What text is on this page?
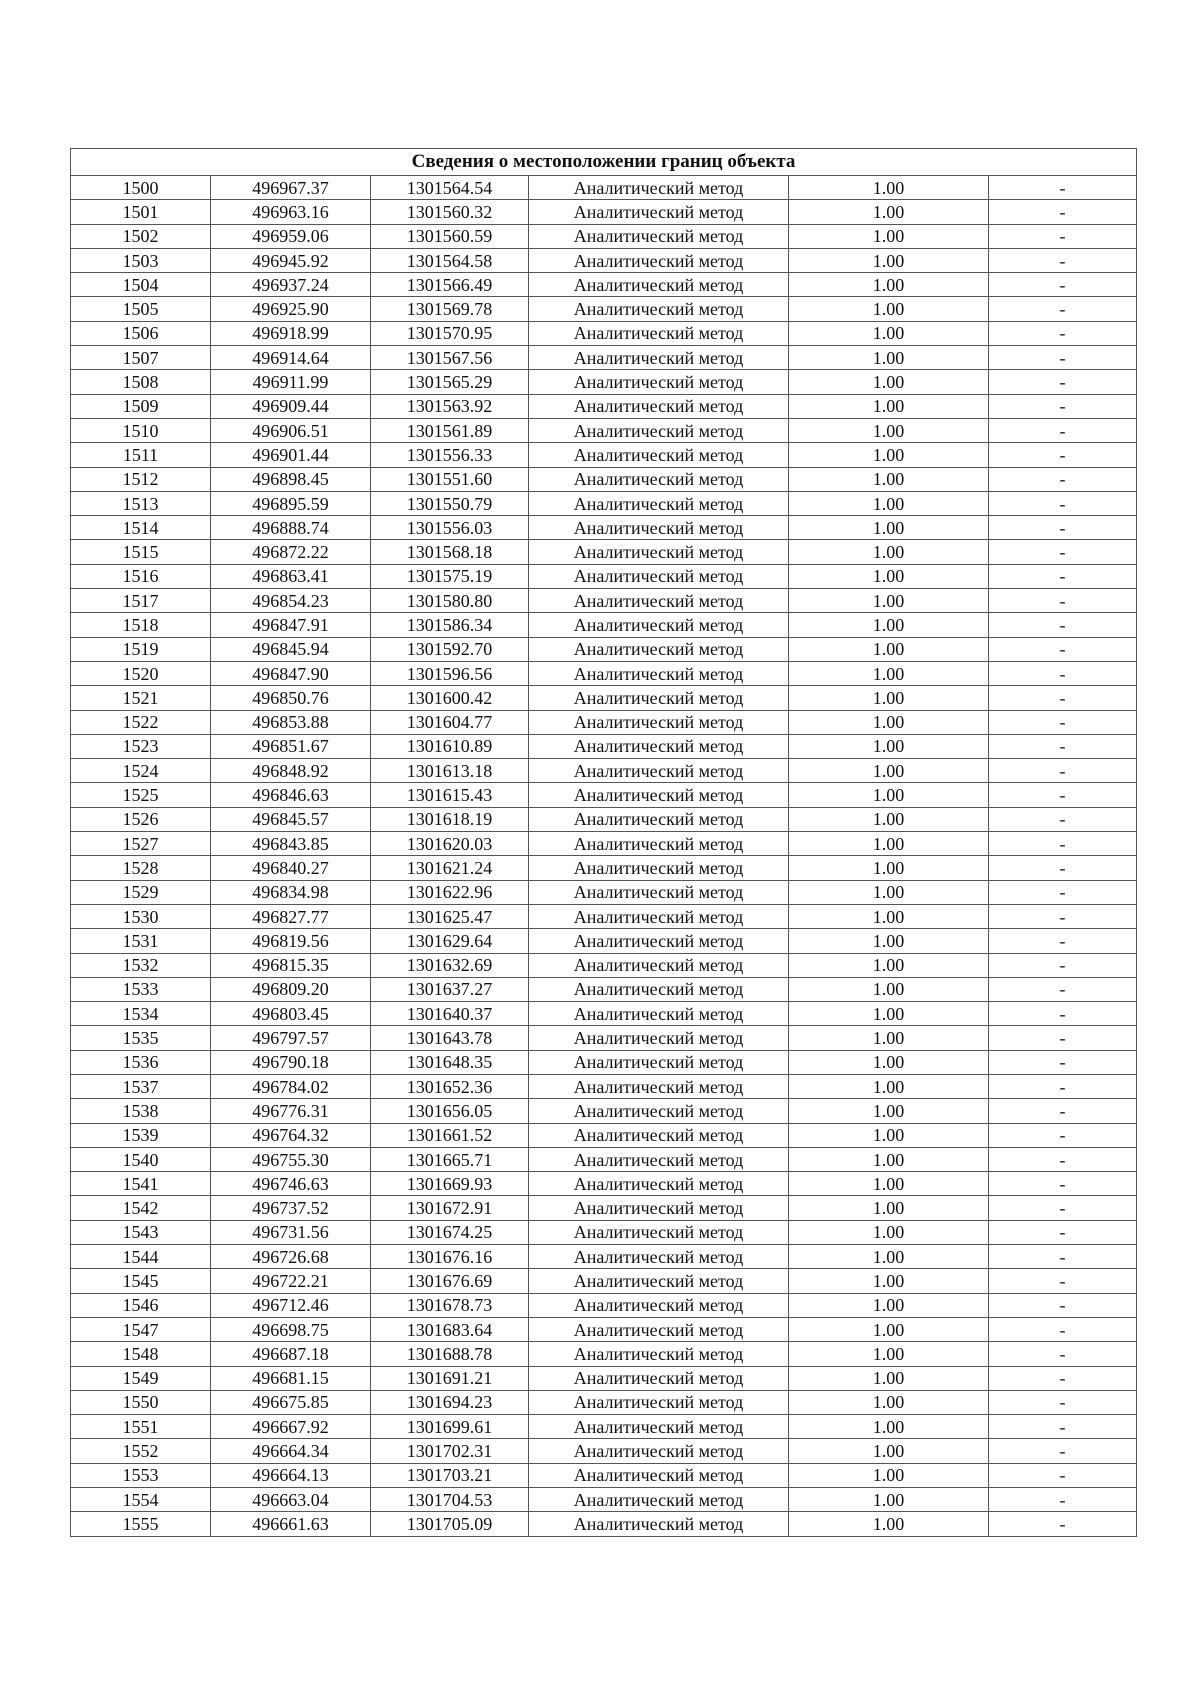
Сведения о местоположении границ объекта					
1500	496967.37	1301564.54	Аналитический метод	1.00	-
1501	496963.16	1301560.32	Аналитический метод	1.00	-
1502	496959.06	1301560.59	Аналитический метод	1.00	-
1503	496945.92	1301564.58	Аналитический метод	1.00	-
1504	496937.24	1301566.49	Аналитический метод	1.00	-
1505	496925.90	1301569.78	Аналитический метод	1.00	-
1506	496918.99	1301570.95	Аналитический метод	1.00	-
1507	496914.64	1301567.56	Аналитический метод	1.00	-
1508	496911.99	1301565.29	Аналитический метод	1.00	-
1509	496909.44	1301563.92	Аналитический метод	1.00	-
1510	496906.51	1301561.89	Аналитический метод	1.00	-
1511	496901.44	1301556.33	Аналитический метод	1.00	-
1512	496898.45	1301551.60	Аналитический метод	1.00	-
1513	496895.59	1301550.79	Аналитический метод	1.00	-
1514	496888.74	1301556.03	Аналитический метод	1.00	-
1515	496872.22	1301568.18	Аналитический метод	1.00	-
1516	496863.41	1301575.19	Аналитический метод	1.00	-
1517	496854.23	1301580.80	Аналитический метод	1.00	-
1518	496847.91	1301586.34	Аналитический метод	1.00	-
1519	496845.94	1301592.70	Аналитический метод	1.00	-
1520	496847.90	1301596.56	Аналитический метод	1.00	-
1521	496850.76	1301600.42	Аналитический метод	1.00	-
1522	496853.88	1301604.77	Аналитический метод	1.00	-
1523	496851.67	1301610.89	Аналитический метод	1.00	-
1524	496848.92	1301613.18	Аналитический метод	1.00	-
1525	496846.63	1301615.43	Аналитический метод	1.00	-
1526	496845.57	1301618.19	Аналитический метод	1.00	-
1527	496843.85	1301620.03	Аналитический метод	1.00	-
1528	496840.27	1301621.24	Аналитический метод	1.00	-
1529	496834.98	1301622.96	Аналитический метод	1.00	-
1530	496827.77	1301625.47	Аналитический метод	1.00	-
1531	496819.56	1301629.64	Аналитический метод	1.00	-
1532	496815.35	1301632.69	Аналитический метод	1.00	-
1533	496809.20	1301637.27	Аналитический метод	1.00	-
1534	496803.45	1301640.37	Аналитический метод	1.00	-
1535	496797.57	1301643.78	Аналитический метод	1.00	-
1536	496790.18	1301648.35	Аналитический метод	1.00	-
1537	496784.02	1301652.36	Аналитический метод	1.00	-
1538	496776.31	1301656.05	Аналитический метод	1.00	-
1539	496764.32	1301661.52	Аналитический метод	1.00	-
1540	496755.30	1301665.71	Аналитический метод	1.00	-
1541	496746.63	1301669.93	Аналитический метод	1.00	-
1542	496737.52	1301672.91	Аналитический метод	1.00	-
1543	496731.56	1301674.25	Аналитический метод	1.00	-
1544	496726.68	1301676.16	Аналитический метод	1.00	-
1545	496722.21	1301676.69	Аналитический метод	1.00	-
1546	496712.46	1301678.73	Аналитический метод	1.00	-
1547	496698.75	1301683.64	Аналитический метод	1.00	-
1548	496687.18	1301688.78	Аналитический метод	1.00	-
1549	496681.15	1301691.21	Аналитический метод	1.00	-
1550	496675.85	1301694.23	Аналитический метод	1.00	-
1551	496667.92	1301699.61	Аналитический метод	1.00	-
1552	496664.34	1301702.31	Аналитический метод	1.00	-
1553	496664.13	1301703.21	Аналитический метод	1.00	-
1554	496663.04	1301704.53	Аналитический метод	1.00	-
1555	496661.63	1301705.09	Аналитический метод	1.00	-
